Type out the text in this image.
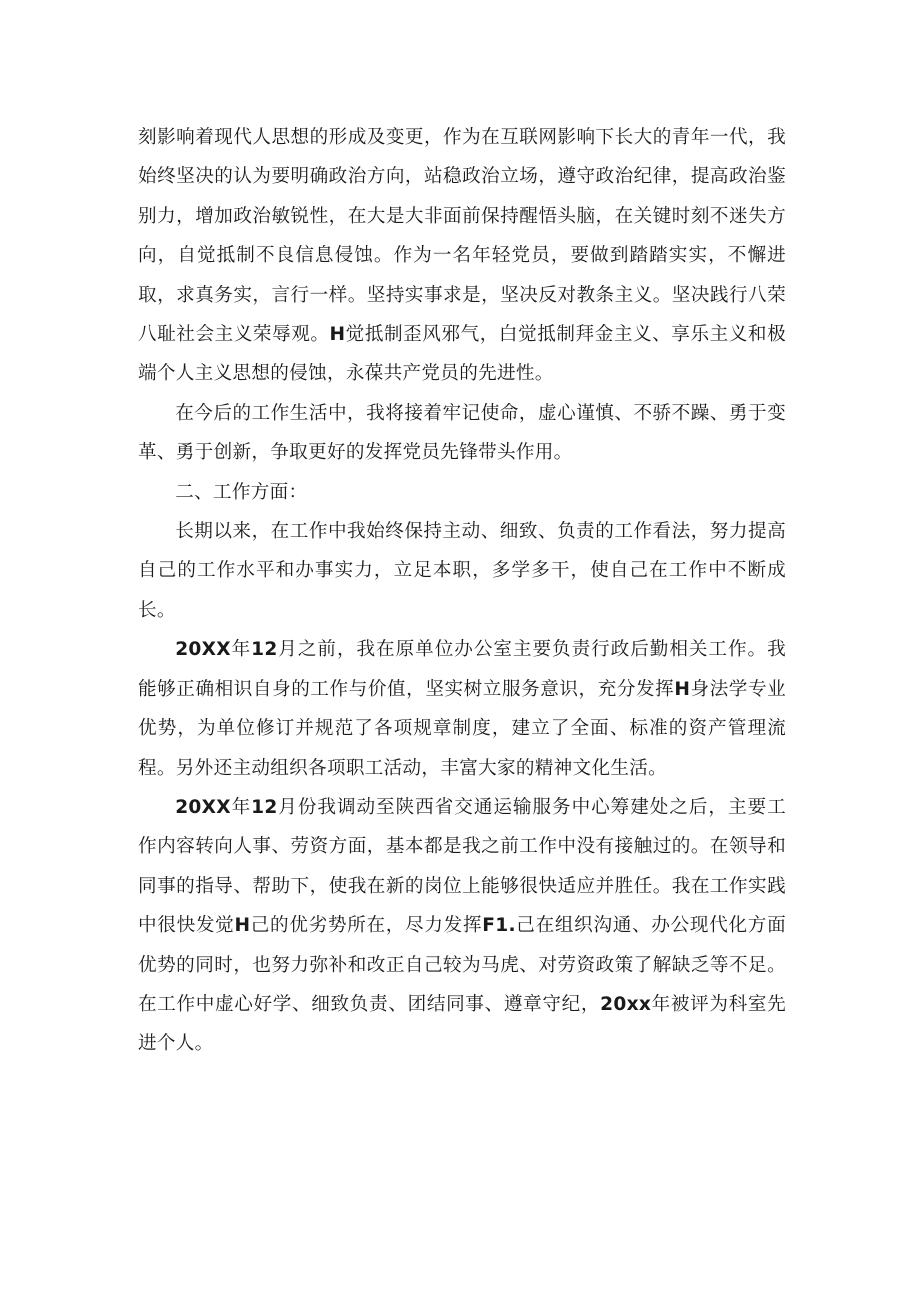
刻影响着现代人思想的形成及变更，作为在互联网影响下长大的青年一代，我始终坚决的认为要明确政治方向，站稳政治立场，遵守政治纪律，提高政治鉴别力，增加政治敏锐性，在大是大非面前保持醒悟头脑，在关键时刻不迷失方向，自觉抵制不良信息侵蚀。作为一名年轻党员，要做到踏踏实实，不懈进取，求真务实，言行一样。坚持实事求是，坚决反对教条主义。坚决践行八荣八耻社会主义荣辱观。H觉抵制歪风邪气，白觉抵制拜金主义、享乐主义和极端个人主义思想的侵蚀，永葆共产党员的先进性。

在今后的工作生活中，我将接着牢记使命，虚心谨慎、不骄不躁、勇于变革、勇于创新，争取更好的发挥党员先锋带头作用。

二、工作方面：

长期以来，在工作中我始终保持主动、细致、负责的工作看法，努力提高自己的工作水平和办事实力，立足本职，多学多干，使自己在工作中不断成长。

20XX年12月之前，我在原单位办公室主要负责行政后勤相关工作。我能够正确相识自身的工作与价值，坚实树立服务意识，充分发挥H身法学专业优势，为单位修订并规范了各项规章制度，建立了全面、标准的资产管理流程。另外还主动组织各项职工活动，丰富大家的精神文化生活。

20XX年12月份我调动至陕西省交通运输服务中心筹建处之后，主要工作内容转向人事、劳资方面，基本都是我之前工作中没有接触过的。在领导和同事的指导、帮助下，使我在新的岗位上能够很快适应并胜任。我在工作实践中很快发觉H己的优劣势所在，尽力发挥F1.己在组织沟通、办公现代化方面优势的同时，也努力弥补和改正自己较为马虎、对劳资政策了解缺乏等不足。在工作中虚心好学、细致负责、团结同事、遵章守纪，20xx年被评为科室先进个人。
